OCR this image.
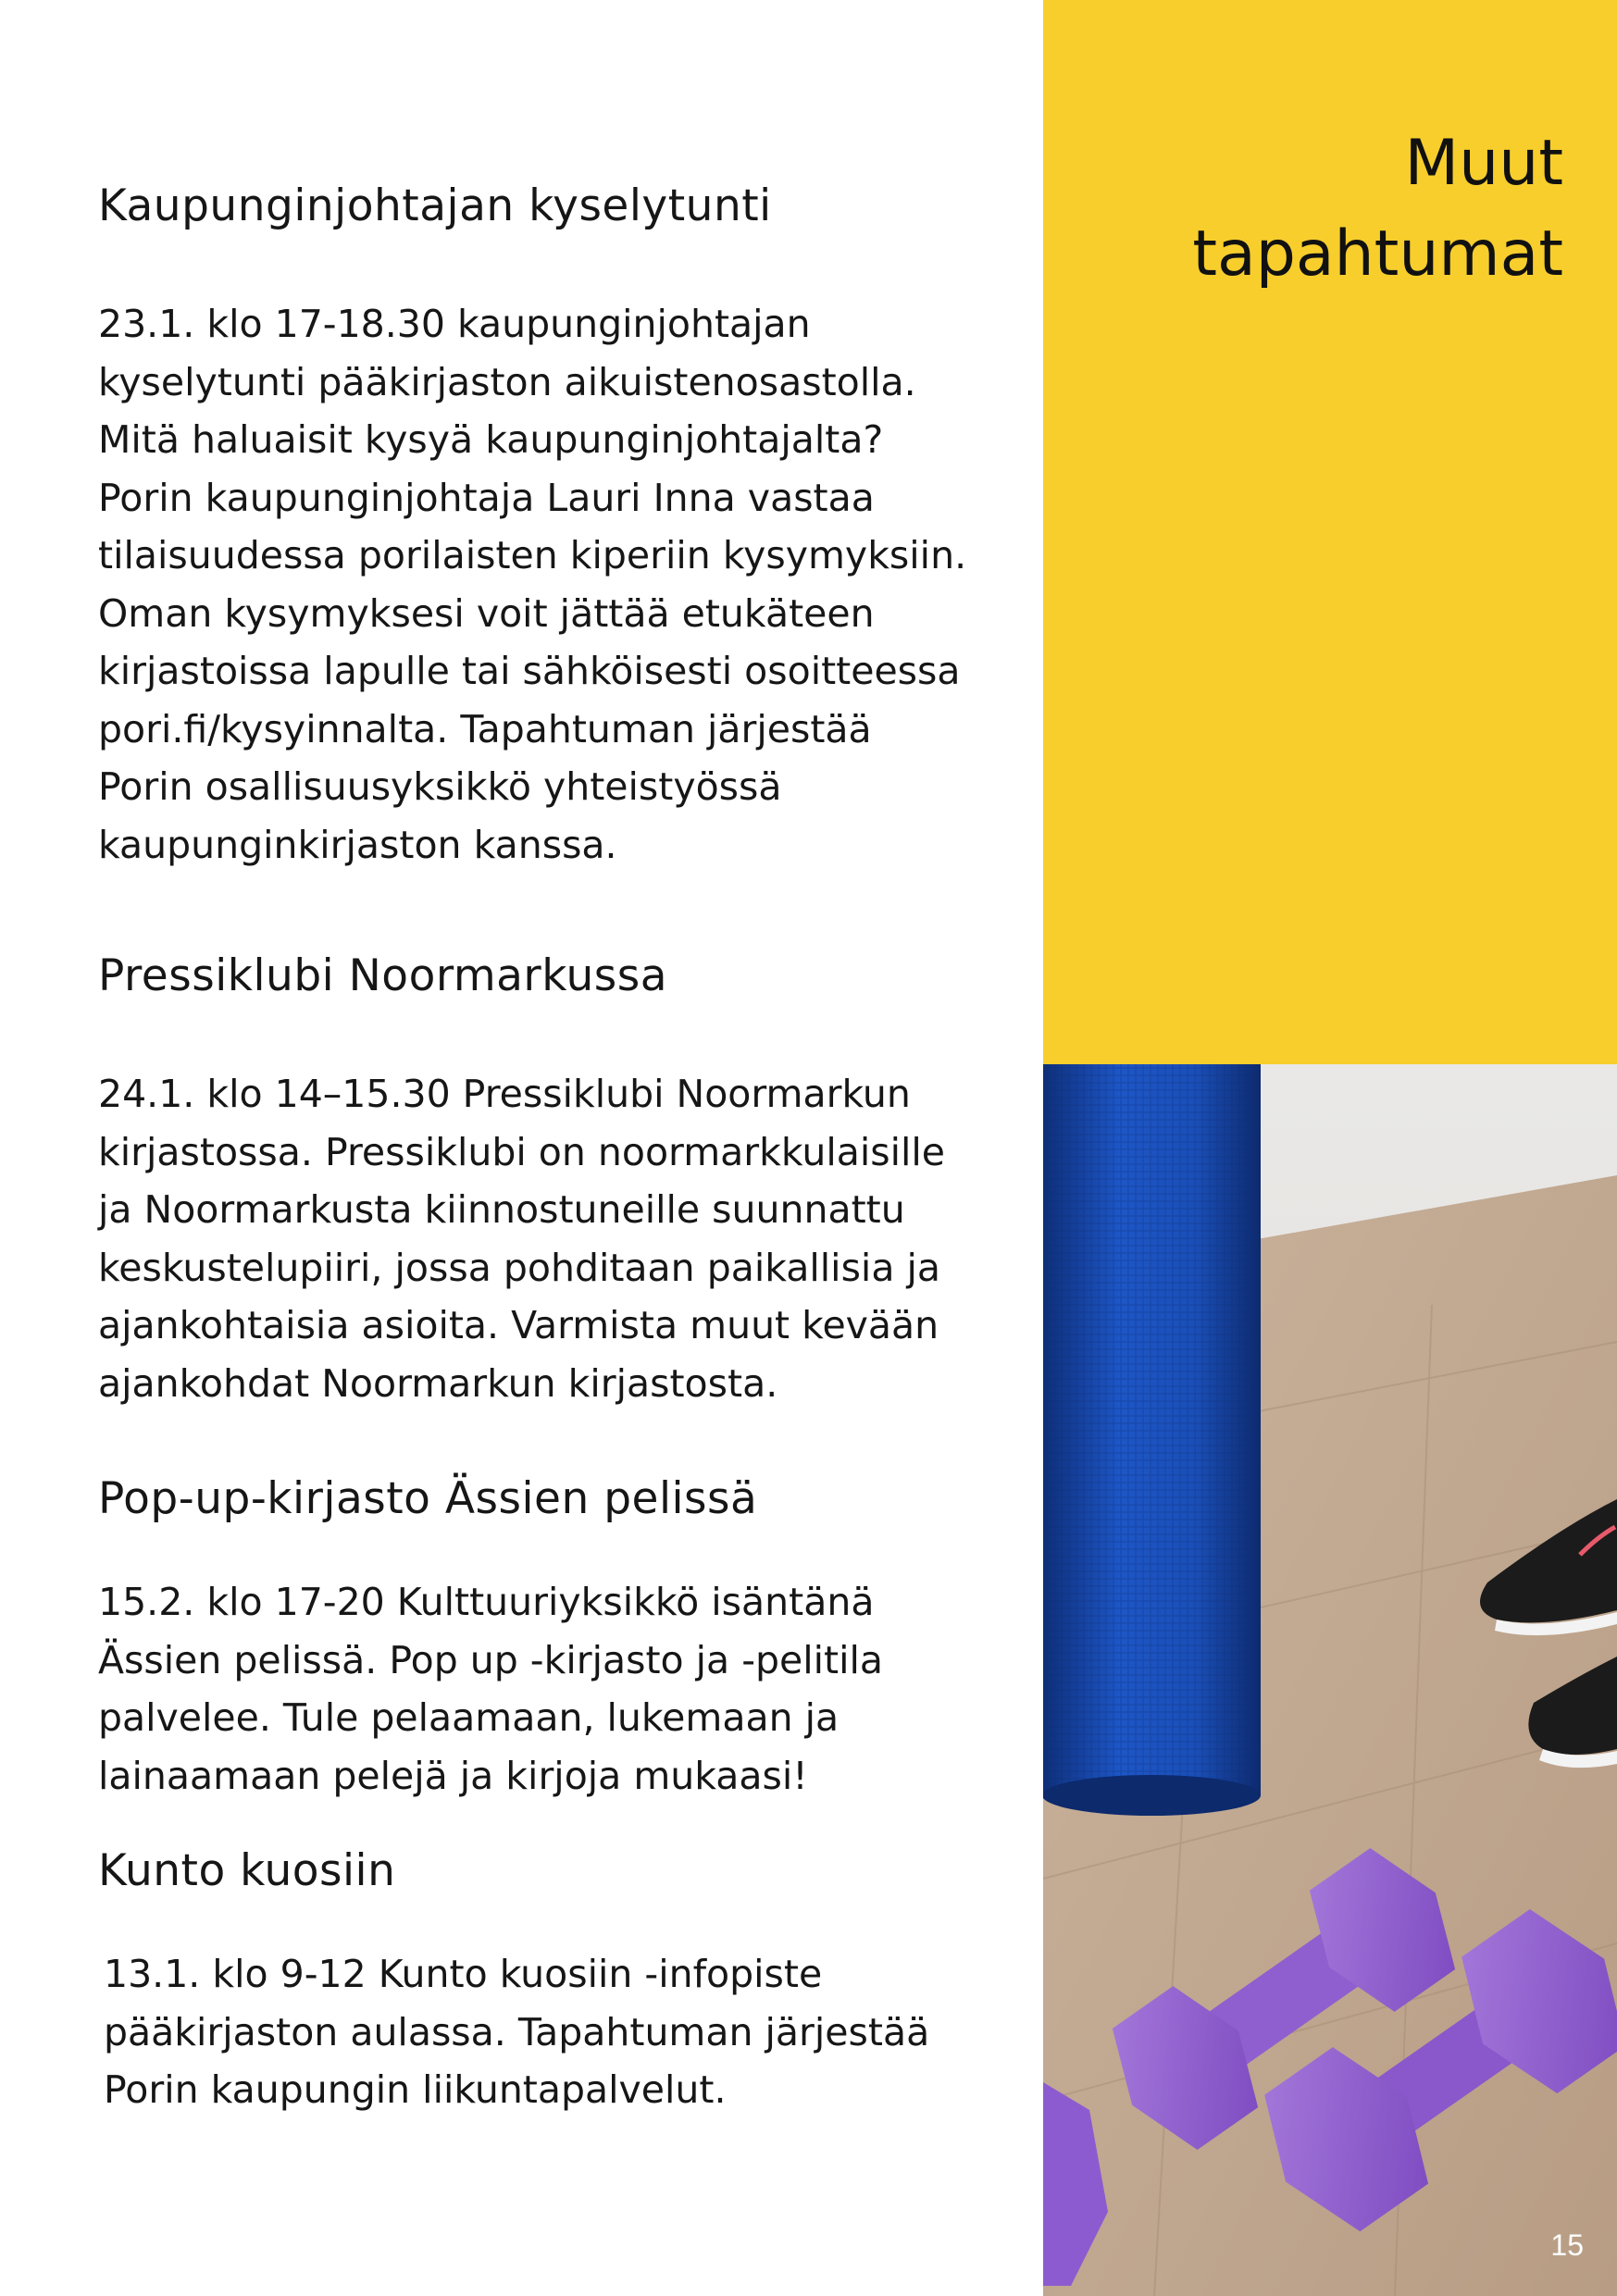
Kaupunginjohtajan kyselytunti

23.1. klo 17-18.30 kaupunginjohtajan
kyselytunti pääkirjaston aikuistenosastolla.
Mitä haluaisit kysyä kaupunginjohtajalta?
Porin kaupunginjohtaja Lauri Inna vastaa
tilaisuudessa porilaisten kiperiin kysymyksiin.
Oman kysymyksesi voit jättää etukäteen
kirjastoissa lapulle tai sähköisesti osoitteessa
pori.fi/kysyinnalta. Tapahtuman järjestää
Porin osallisuusyksikkö yhteistyössä
kaupunginkirjaston kanssa.

Pressiklubi Noormarkussa

24.1. klo 14–15.30 Pressiklubi Noormarkun
kirjastossa. Pressiklubi on noormarkkulaisille
ja Noormarkusta kiinnostuneille suunnattu
keskustelupiiri, jossa pohditaan paikallisia ja
ajankohtaisia asioita. Varmista muut kevään
ajankohdat Noormarkun kirjastosta.

Pop-up-kirjasto Ässien pelissä

15.2. klo 17-20 Kulttuuriyksikkö isäntänä
Ässien pelissä. Pop up -kirjasto ja -pelitila
palvelee. Tule pelaamaan, lukemaan ja
lainaamaan pelejä ja kirjoja mukaasi!

Kunto kuosiin

13.1. klo 9-12 Kunto kuosiin -infopiste
pääkirjaston aulassa. Tapahtuman järjestää
Porin kaupungin liikuntapalvelut.

Muut
tapahtumat
15
